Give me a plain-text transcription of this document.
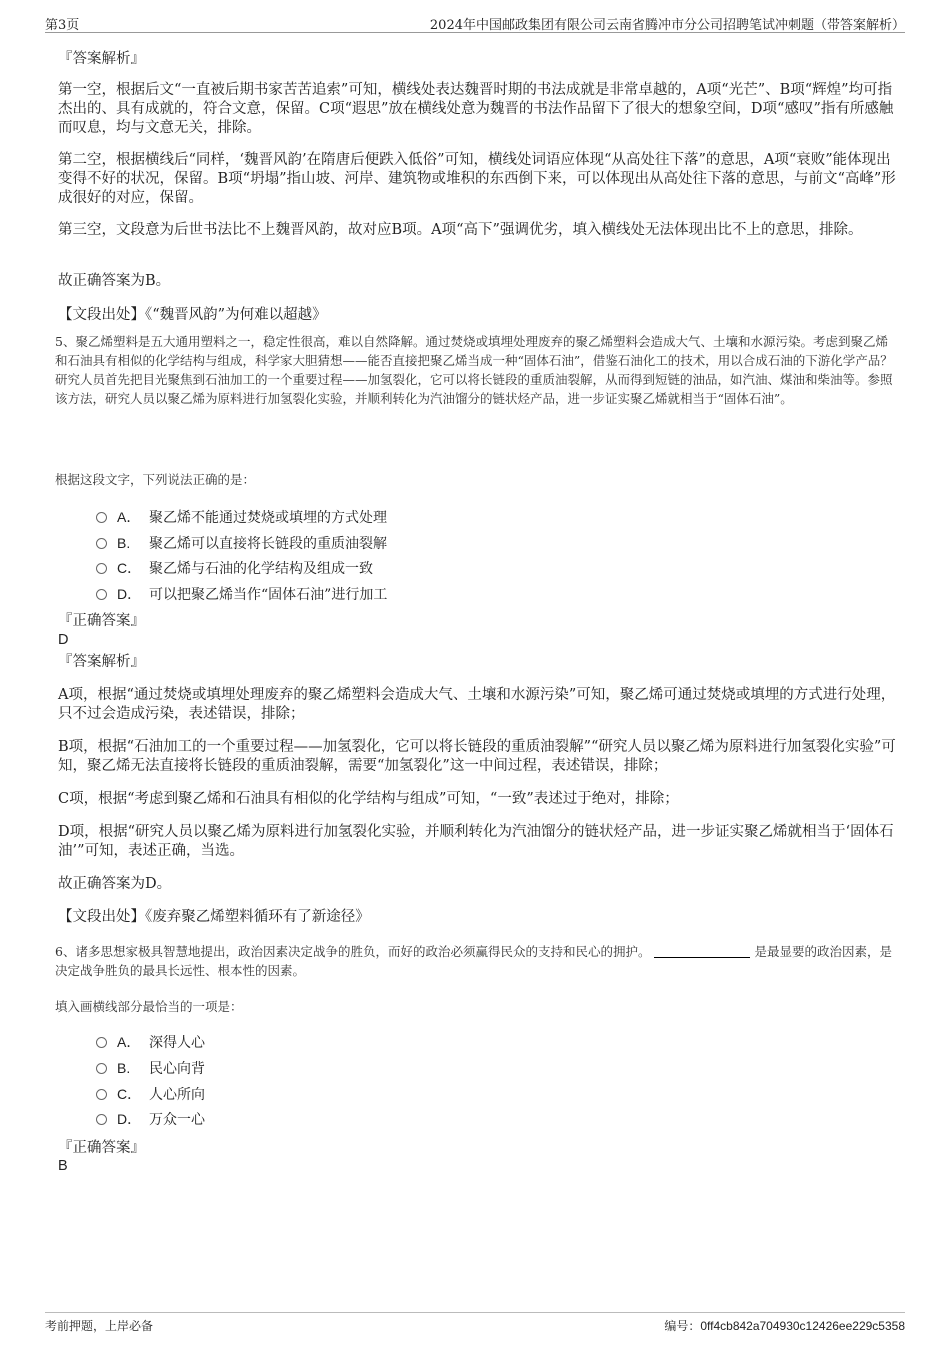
第3页	2024年中国邮政集团有限公司云南省腾冲市分公司招聘笔试冲刺题（带答案解析）
『答案解析』
第一空，根据后文“一直被后期书家苦苦追索”可知，横线处表达魏晋时期的书法成就是非常卓越的，A项“光芒”、B项“辉煌”均可指杰出的、具有成就的，符合文意，保留。C项“遐思”放在横线处意为魏晋的书法作品留下了很大的想象空间，D项“感叹”指有所感触而叹息，均与文意无关，排除。
第二空，根据横线后“同样，‘魏晋风韵’在隋唐后便跌入低俗”可知，横线处词语应体现“从高处往下落”的意思，A项“衰败”能体现出变得不好的状况，保留。B项“坍塌”指山坡、河岸、建筑物或堆积的东西倒下来，可以体现出从高处往下落的意思，与前文“高峰”形成很好的对应，保留。
第三空，文段意为后世书法比不上魏晋风韵，故对应B项。A项“高下”强调优劣，填入横线处无法体现出比不上的意思，排除。
故正确答案为B。
【文段出处】《“魏晋风韵”为何难以超越》
5、聚乙烯塑料是五大通用塑料之一，稳定性很高，难以自然降解。通过焚烧或填埋处理废弃的聚乙烯塑料会造成大气、土壤和水源污染。考虑到聚乙烯和石油具有相似的化学结构与组成，科学家大胆猜想——能否直接把聚乙烯当成一种“固体石油”，借鉴石油化工的技术，用以合成石油的下游化学产品？研究人员首先把目光聚焦到石油加工的一个重要过程——加氢裂化，它可以将长链段的重质油裂解，从而得到短链的油品，如汽油、煤油和柴油等。参照该方法，研究人员以聚乙烯为原料进行加氢裂化实验，并顺利转化为汽油馏分的链状烃产品，进一步证实聚乙烯就相当于“固体石油”。
根据这段文字，下列说法正确的是：
A． 聚乙烯不能通过焚烧或填埋的方式处理
B. 聚乙烯可以直接将长链段的重质油裂解
C． 聚乙烯与石油的化学结构及组成一致
D． 可以把聚乙烯当作“固体石油”进行加工
『正确答案』
D
『答案解析』
A项，根据“通过焚烧或填埋处理废弃的聚乙烯塑料会造成大气、土壤和水源污染”可知，聚乙烯可通过焚烧或填埋的方式进行处理，只不过会造成污染，表述错误，排除；
B项，根据“石油加工的一个重要过程——加氢裂化，它可以将长链段的重质油裂解”“研究人员以聚乙烯为原料进行加氢裂化实验”可知，聚乙烯无法直接将长链段的重质油裂解，需要“加氢裂化”这一中间过程，表述错误，排除；
C项，根据“考虑到聚乙烯和石油具有相似的化学结构与组成”可知，“一致”表述过于绝对，排除；
D项，根据“研究人员以聚乙烯为原料进行加氢裂化实验，并顺利转化为汽油馏分的链状烃产品，进一步证实聚乙烯就相当于‘固体石油’”可知，表述正确，当选。
故正确答案为D。
【文段出处】《废弃聚乙烯塑料循环有了新途径》
6、诸多思想家极具智慧地提出，政治因素决定战争的胜负，而好的政治必须赢得民众的支持和民心的拥护。	是最显要的政治因素，是决定战争胜负的最具长远性、根本性的因素。
填入画横线部分最恰当的一项是：
A． 深得人心
B. 民心向背
C． 人心所向
D． 万众一心
『正确答案』
B
考前押题，上岸必备	编号：0ff4cb842a704930c12426ee229c5358
